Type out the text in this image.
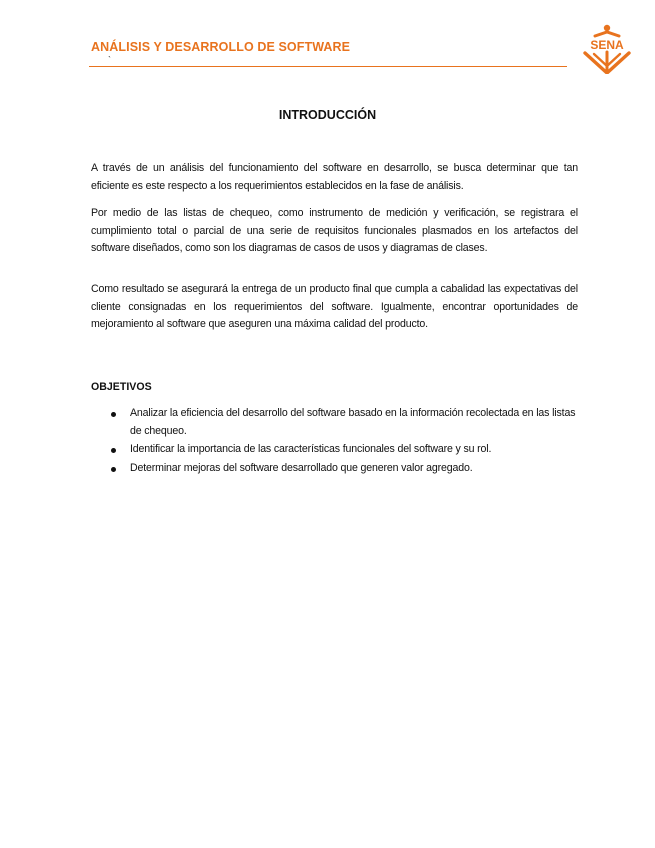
ANÁLISIS Y DESARROLLO DE SOFTWARE
`
SENA
INTRODUCCIÓN

A través de un análisis del funcionamiento del software en desarrollo, se busca determinar que tan eficiente es este respecto a los requerimientos establecidos en la fase de análisis.

Por medio de las listas de chequeo, como instrumento de medición y verificación, se registrara el cumplimiento total o parcial de una serie de requisitos funcionales plasmados en los artefactos del software diseñados, como son los diagramas de casos de usos y diagramas de clases.

Como resultado se asegurará la entrega de un producto final que cumpla a cabalidad las expectativas del cliente consignadas en los requerimientos del software. Igualmente, encontrar oportunidades de mejoramiento al software que aseguren una máxima calidad del producto.

OBJETIVOS
Analizar la eficiencia del desarrollo del software basado en la información recolectada en las listas de chequeo.
Identificar la importancia de las características funcionales del software y su rol.
Determinar mejoras del software desarrollado que generen valor agregado.
